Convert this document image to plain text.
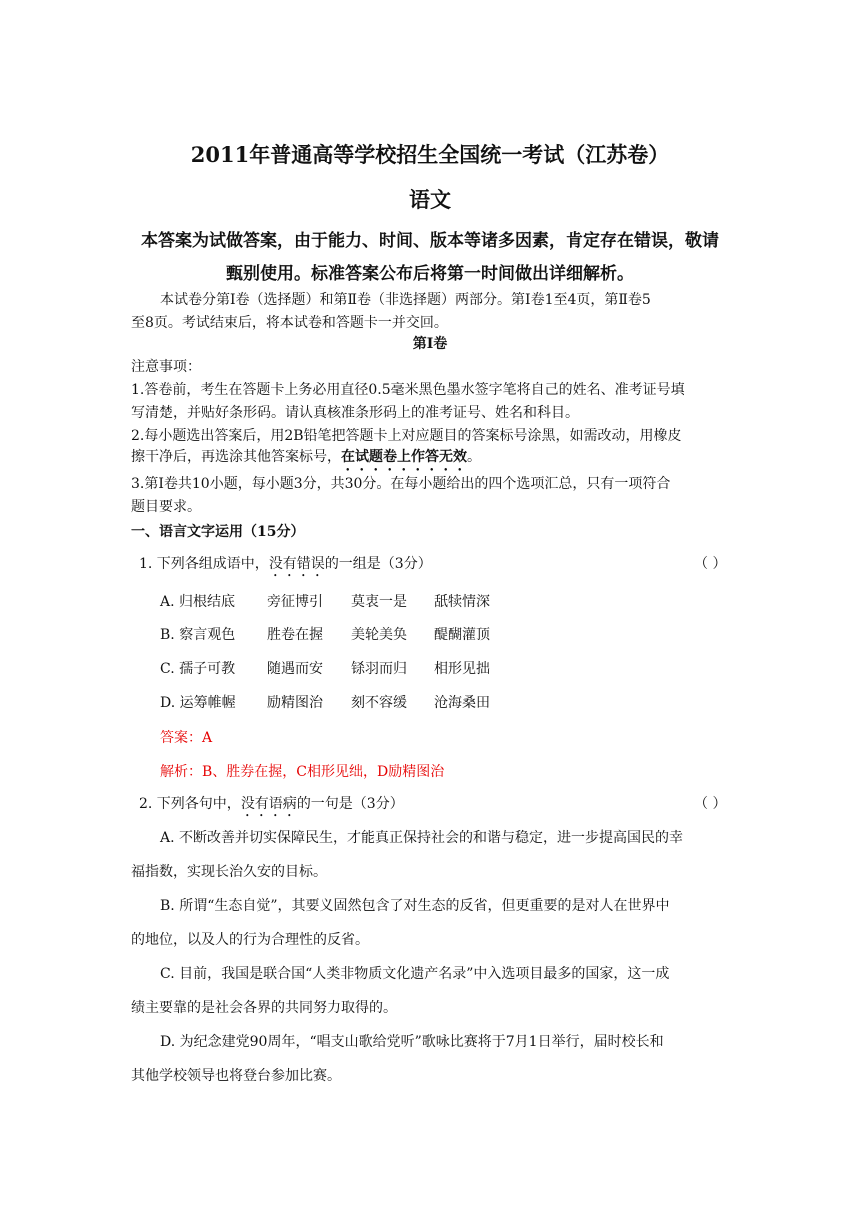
2011年普通高等学校招生全国统一考试（江苏卷）
语文
本答案为试做答案，由于能力、时间、版本等诸多因素，肯定存在错误，敬请
甄别使用。标准答案公布后将第一时间做出详细解析。
本试卷分第Ⅰ卷（选择题）和第Ⅱ卷（非选择题）两部分。第Ⅰ卷1至4页，第Ⅱ卷5
至8页。考试结束后，将本试卷和答题卡一并交回。
第Ⅰ卷
注意事项：
1.答卷前，考生在答题卡上务必用直径0.5毫米黑色墨水签字笔将自己的姓名、准考证号填
写清楚，并贴好条形码。请认真核准条形码上的准考证号、姓名和科目。
2.每小题选出答案后，用2B铅笔把答题卡上对应题目的答案标号涂黑，如需改动，用橡皮
擦干净后，再选涂其他答案标号，在试题卷上作答无效。
3.第Ⅰ卷共10小题，每小题3分，共30分。在每小题给出的四个选项汇总，只有一项符合
题目要求。
一、语言文字运用（15分）
1. 下列各组成语中，没有错误的一组是（3分）	（ ）
A. 归根结底 旁征博引 莫衷一是 舐犊情深
B. 察言观色 胜卷在握 美轮美奂 醍醐灌顶
C. 孺子可教 随遇而安 铩羽而归 相形见拙
D. 运筹帷幄 励精图治 刻不容缓 沧海桑田
答案：A
解析：B、胜券在握，C相形见绌，D励精图治
2. 下列各句中，没有语病的一句是（3分）	（ ）
A. 不断改善并切实保障民生，才能真正保持社会的和谐与稳定，进一步提高国民的幸
福指数，实现长治久安的目标。
B. 所谓“生态自觉”，其要义固然包含了对生态的反省，但更重要的是对人在世界中
的地位，以及人的行为合理性的反省。
C. 目前，我国是联合国“人类非物质文化遗产名录”中入选项目最多的国家，这一成
绩主要靠的是社会各界的共同努力取得的。
D. 为纪念建党90周年，“唱支山歌给党听”歌咏比赛将于7月1日举行，届时校长和
其他学校领导也将登台参加比赛。
